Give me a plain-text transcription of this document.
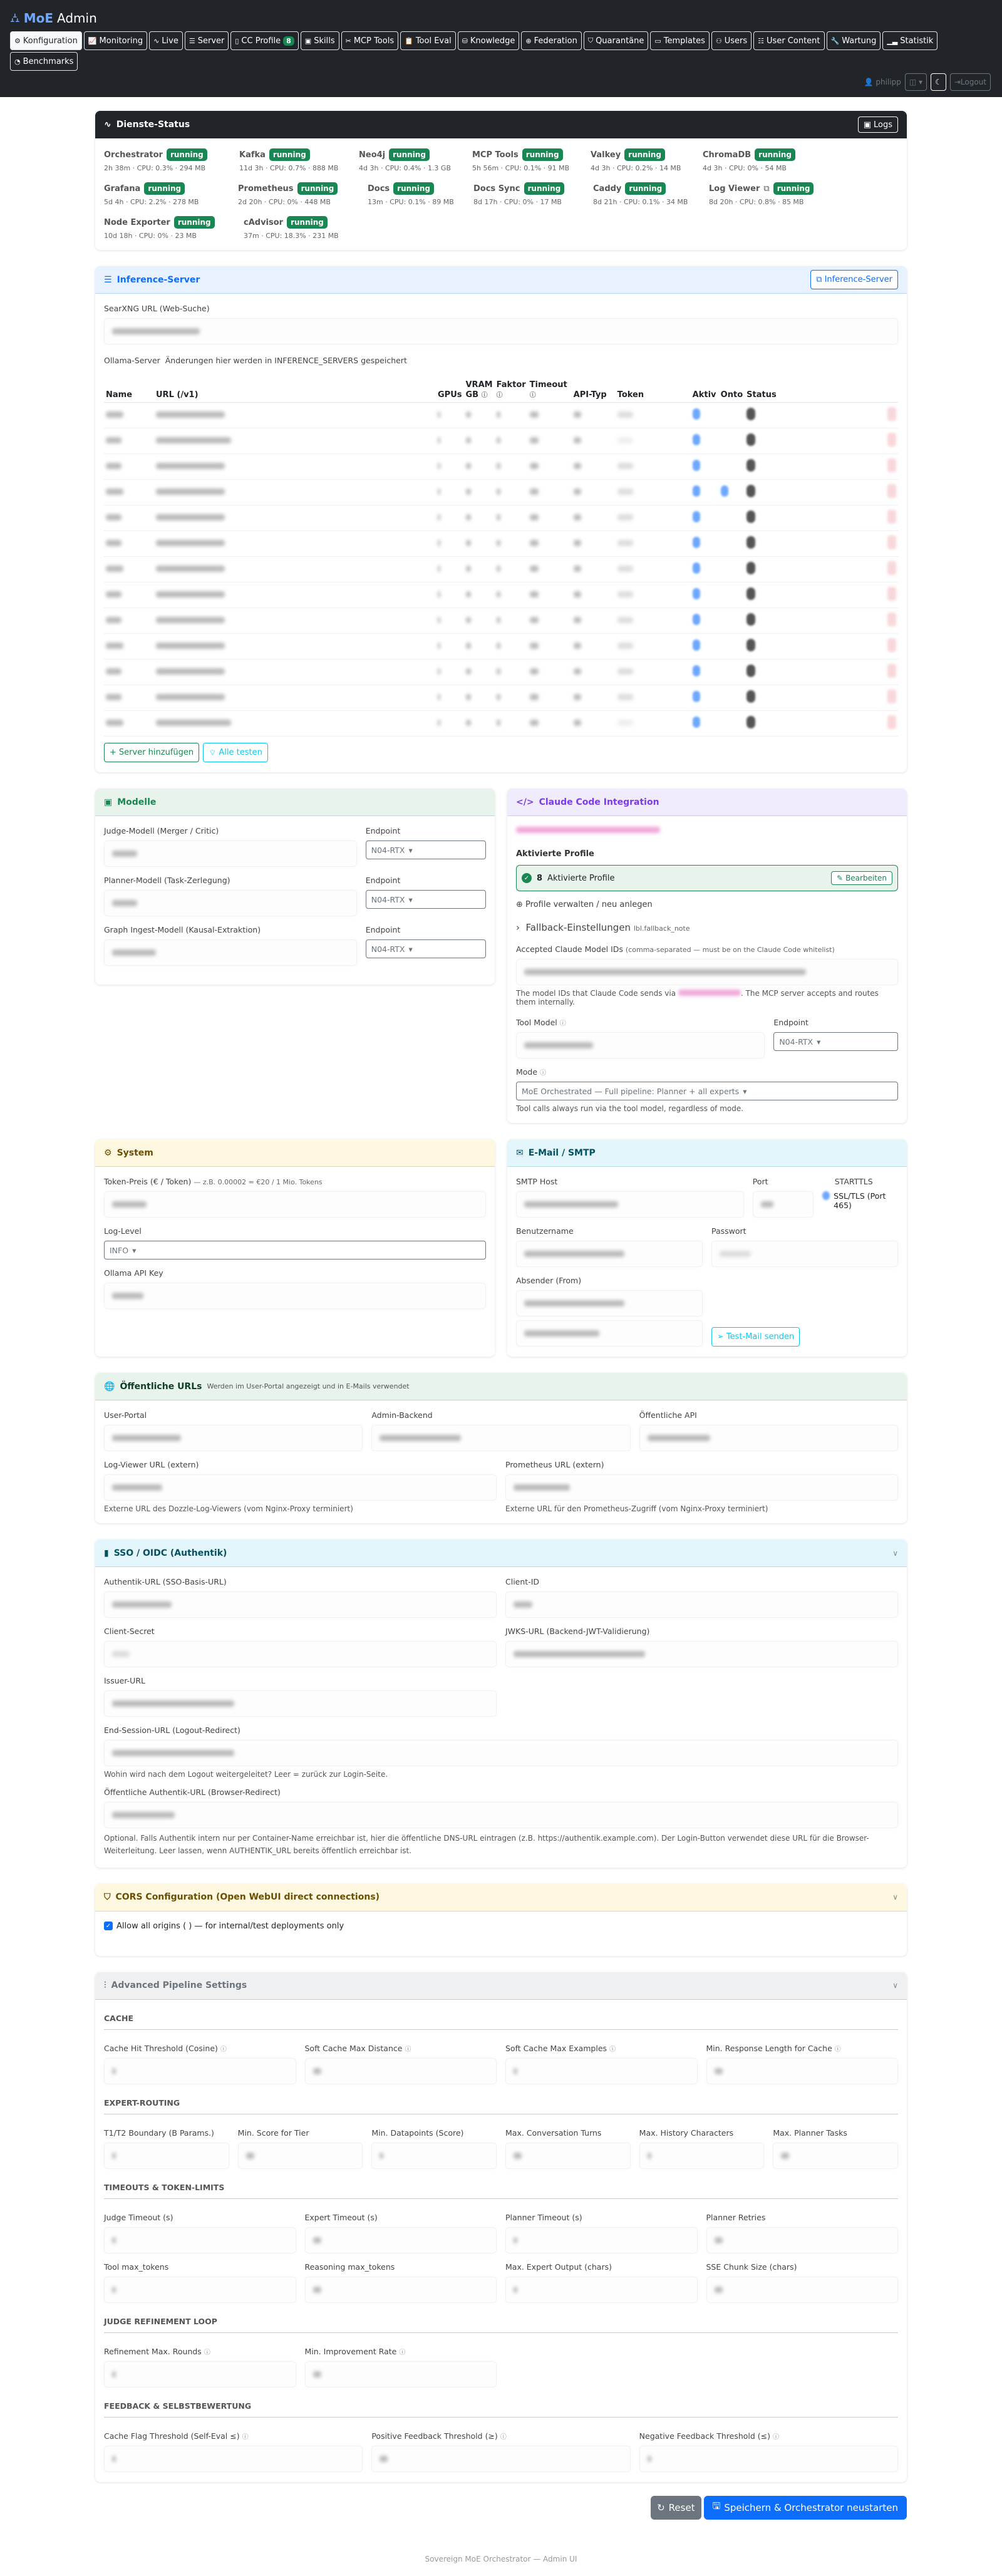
⛼ MoE Admin
⚙ Konfiguration 📈 Monitoring ∿ Live ☰ Server ▯ CC Profile 8	▣ Skills ✂ MCP Tools 📋 Tool Eval ⛁ Knowledge ⊕ Federation ⛉ Quarantäne ▭ Templates ⚇ Users ☷ User Content 🔧 Wartung ▁▃ Statistik
◔ Benchmarks
👤 philipp	◫ ▾	☾	⇥ Logout
∿ Dienste-Status	▣ Logs
Orchestrator	running
2h 38m · CPU: 0.3% · 294 MB
Kafka	running
11d 3h · CPU: 0.7% · 888 MB
Neo4j	running
4d 3h · CPU: 0.4% · 1.3 GB
MCP Tools	running
5h 56m · CPU: 0.1% · 91 MB
Valkey	running
4d 3h · CPU: 0.2% · 14 MB
ChromaDB	running
4d 3h · CPU: 0% · 54 MB
Grafana	running
5d 4h · CPU: 2.2% · 278 MB
Prometheus	running
2d 20h · CPU: 0% · 448 MB
Docs	running
13m · CPU: 0.1% · 89 MB
Docs Sync	running
8d 17h · CPU: 0% · 17 MB
Caddy	running
8d 21h · CPU: 0.1% · 34 MB
Log Viewer ⧉	running
8d 20h · CPU: 0.8% · 85 MB
Node Exporter	running
10d 18h · CPU: 0% · 23 MB
cAdvisor	running
37m · CPU: 18.3% · 231 MB
☰ Inference-Server	⧉ Inference-Server
SearXNG URL (Web-Suche)
Ollama-Server Änderungen hier werden in INFERENCE_SERVERS gespeichert
Name	URL (/v1)	GPUs	VRAM GB ⓘ	Faktor
ⓘ	Timeout
ⓘ	API-Typ	Token	Aktiv	Onto	Status	

+ Server hinzufügen	⌔ Alle testen
▣ Modelle
Judge-Modell (Merger / Critic)	Endpoint
N04-RTX ▾
Planner-Modell (Task-Zerlegung)	Endpoint
N04-RTX ▾
Graph Ingest-Modell (Kausal-Extraktion)	Endpoint
N04-RTX ▾
</> Claude Code Integration
Aktivierte Profile
✓ 8 Aktivierte Profile	✎ Bearbeiten
⊕ Profile verwalten / neu anlegen
›  Fallback-Einstellungen lbl.fallback_note
Accepted Claude Model IDs (comma-separated — must be on the Claude Code whitelist)
The model IDs that Claude Code sends via	. The MCP server accepts and routes them internally.
Tool Model ⓘ	Endpoint
N04-RTX ▾
Mode ⓘ
MoE Orchestrated — Full pipeline: Planner + all experts ▾
Tool calls always run via the tool model, regardless of mode.
⚙ System
Token-Preis (€ / Token) — z.B. 0.00002 = €20 / 1 Mio. Tokens
Log-Level
INFO ▾
Ollama API Key
✉ E-Mail / SMTP
SMTP Host	Port	STARTTLS
SSL/TLS (Port 465)
Benutzername	Passwort
Absender (From)
➢ Test-Mail senden
🌐 Öffentliche URLs Werden im User-Portal angezeigt und in E-Mails verwendet
User-Portal	Admin-Backend	Öffentliche API
Log-Viewer URL (extern)
Externe URL des Dozzle-Log-Viewers (vom Nginx-Proxy terminiert)
Prometheus URL (extern)
Externe URL für den Prometheus-Zugriff (vom Nginx-Proxy terminiert)
▮ SSO / OIDC (Authentik)	∨
Authentik-URL (SSO-Basis-URL)	Client-ID
Client-Secret	JWKS-URL (Backend-JWT-Validierung)
Issuer-URL
End-Session-URL (Logout-Redirect)
Wohin wird nach dem Logout weitergeleitet? Leer = zurück zur Login-Seite.
Öffentliche Authentik-URL (Browser-Redirect)
Optional. Falls Authentik intern nur per Container-Name erreichbar ist, hier die öffentliche DNS-URL eintragen (z.B. https://authentik.example.com). Der Login-Button verwendet diese URL für die Browser-Weiterleitung. Leer lassen, wenn AUTHENTIK_URL bereits öffentlich erreichbar ist.
⛉ CORS Configuration (Open WebUI direct connections)	∨
✓ Allow all origins ( ) — for internal/test deployments only
⫶ Advanced Pipeline Settings	∨
CACHE
Cache Hit Threshold (Cosine) ⓘ	Soft Cache Max Distance ⓘ	Soft Cache Max Examples ⓘ	Min. Response Length for Cache ⓘ
EXPERT-ROUTING
T1/T2 Boundary (B Params.)	Min. Score for Tier	Min. Datapoints (Score)	Max. Conversation Turns	Max. History Characters	Max. Planner Tasks
TIMEOUTS & TOKEN-LIMITS
Judge Timeout (s)	Expert Timeout (s)	Planner Timeout (s)	Planner Retries
Tool max_tokens	Reasoning max_tokens	Max. Expert Output (chars)	SSE Chunk Size (chars)
JUDGE REFINEMENT LOOP
Refinement Max. Rounds ⓘ	Min. Improvement Rate ⓘ
FEEDBACK & SELBSTBEWERTUNG
Cache Flag Threshold (Self-Eval ≤) ⓘ	Positive Feedback Threshold (≥) ⓘ	Negative Feedback Threshold (≤) ⓘ
↻ Reset 🖫 Speichern & Orchestrator neustarten
Sovereign MoE Orchestrator — Admin UI
